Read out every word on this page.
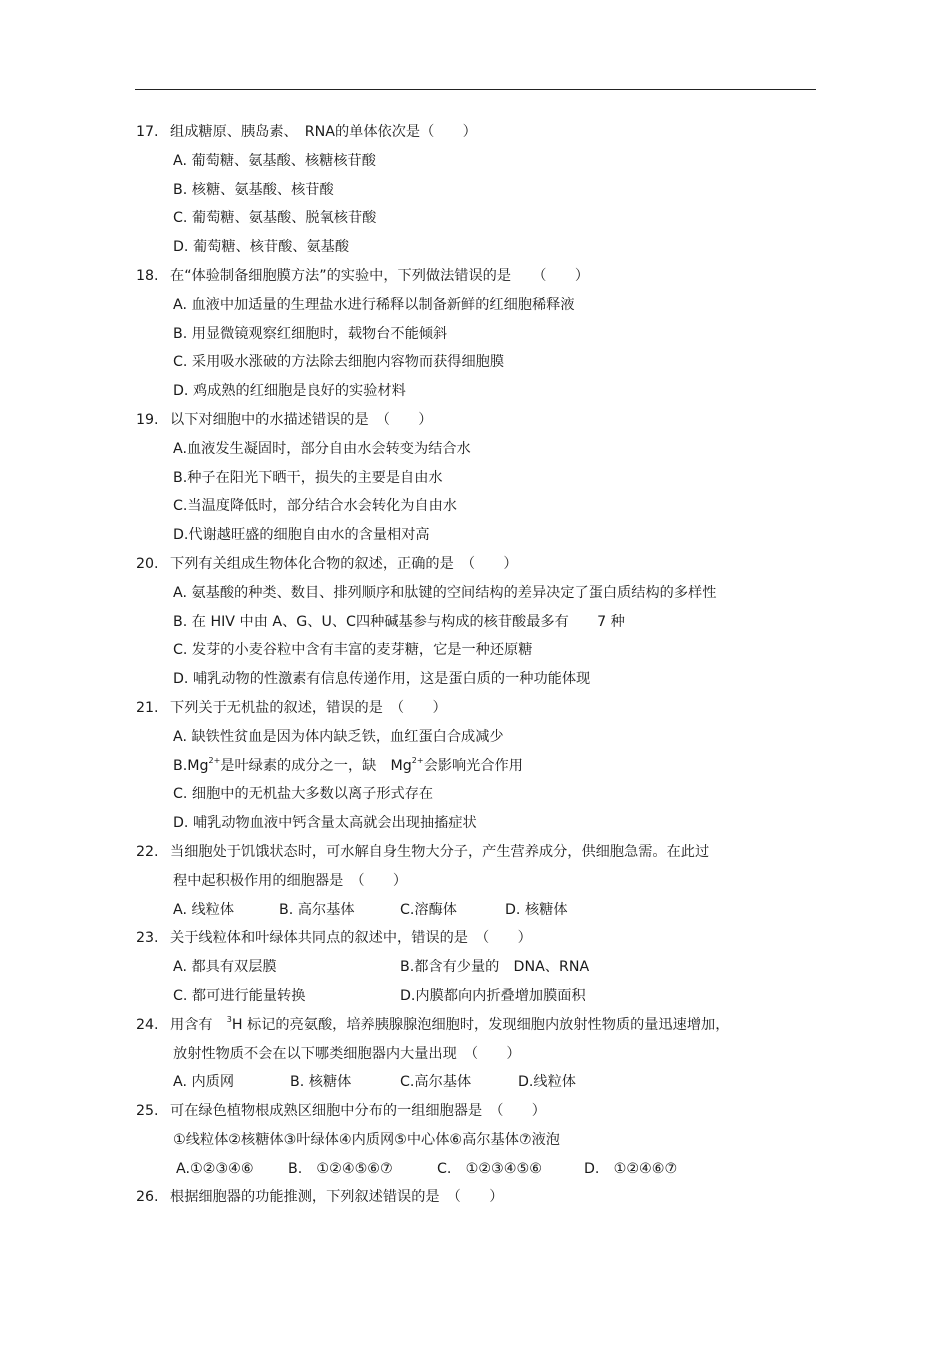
17. 组成糖原、胰岛素、　RNA的单体依次是（　　）
A. 葡萄糖、氨基酸、核糖核苷酸
B. 核糖、氨基酸、核苷酸
C. 葡萄糖、氨基酸、脱氧核苷酸
D. 葡萄糖、核苷酸、氨基酸
18. 在“体验制备细胞膜方法”的实验中，下列做法错误的是　　（　　）
A. 血液中加适量的生理盐水进行稀释以制备新鲜的红细胞稀释液
B. 用显微镜观察红细胞时，载物台不能倾斜
C. 采用吸水涨破的方法除去细胞内容物而获得细胞膜
D. 鸡成熟的红细胞是良好的实验材料
19. 以下对细胞中的水描述错误的是　（　　）
A.血液发生凝固时，部分自由水会转变为结合水
B.种子在阳光下晒干，损失的主要是自由水
C.当温度降低时，部分结合水会转化为自由水
D.代谢越旺盛的细胞自由水的含量相对高
20. 下列有关组成生物体化合物的叙述，正确的是　（　　）
A. 氨基酸的种类、数目、排列顺序和肽键的空间结构的差异决定了蛋白质结构的多样性
B. 在 HIV 中由 A、G、U、C四种碱基参与构成的核苷酸最多有　　7 种
C. 发芽的小麦谷粒中含有丰富的麦芽糖，它是一种还原糖
D. 哺乳动物的性激素有信息传递作用，这是蛋白质的一种功能体现
21. 下列关于无机盐的叙述，错误的是　（　　）
A. 缺铁性贫血是因为体内缺乏铁，血红蛋白合成减少
$B.Mg^{2+}$是叶绿素的成分之一，缺　$Mg^{2+}$会影响光合作用
C. 细胞中的无机盐大多数以离子形式存在
D. 哺乳动物血液中钙含量太高就会出现抽搐症状
22. 当细胞处于饥饿状态时，可水解自身生物大分子，产生营养成分，供细胞急需。在此过
程中起积极作用的细胞器是　（　　）
A. 线粒体	B. 高尔基体	C.溶酶体	D. 核糖体
23. 关于线粒体和叶绿体共同点的叙述中，错误的是　（　　）
A. 都具有双层膜	B.都含有少量的　DNA、RNA
C. 都可进行能量转换	D.内膜都向内折叠增加膜面积
24. 用含有　$^3$H 标记的亮氨酸，培养胰腺腺泡细胞时，发现细胞内放射性物质的量迅速增加，
放射性物质不会在以下哪类细胞器内大量出现　（　　）
A. 内质网	B. 核糖体	C.高尔基体	D.线粒体
25. 可在绿色植物根成熟区细胞中分布的一组细胞器是　（　　）
①线粒体②核糖体③叶绿体④内质网⑤中心体⑥高尔基体⑦液泡
A.①②③④⑥ B.　①②④⑤⑥⑦	C.　①②③④⑤⑥	D.　①②④⑥⑦
26. 根据细胞器的功能推测，下列叙述错误的是　（　　）
